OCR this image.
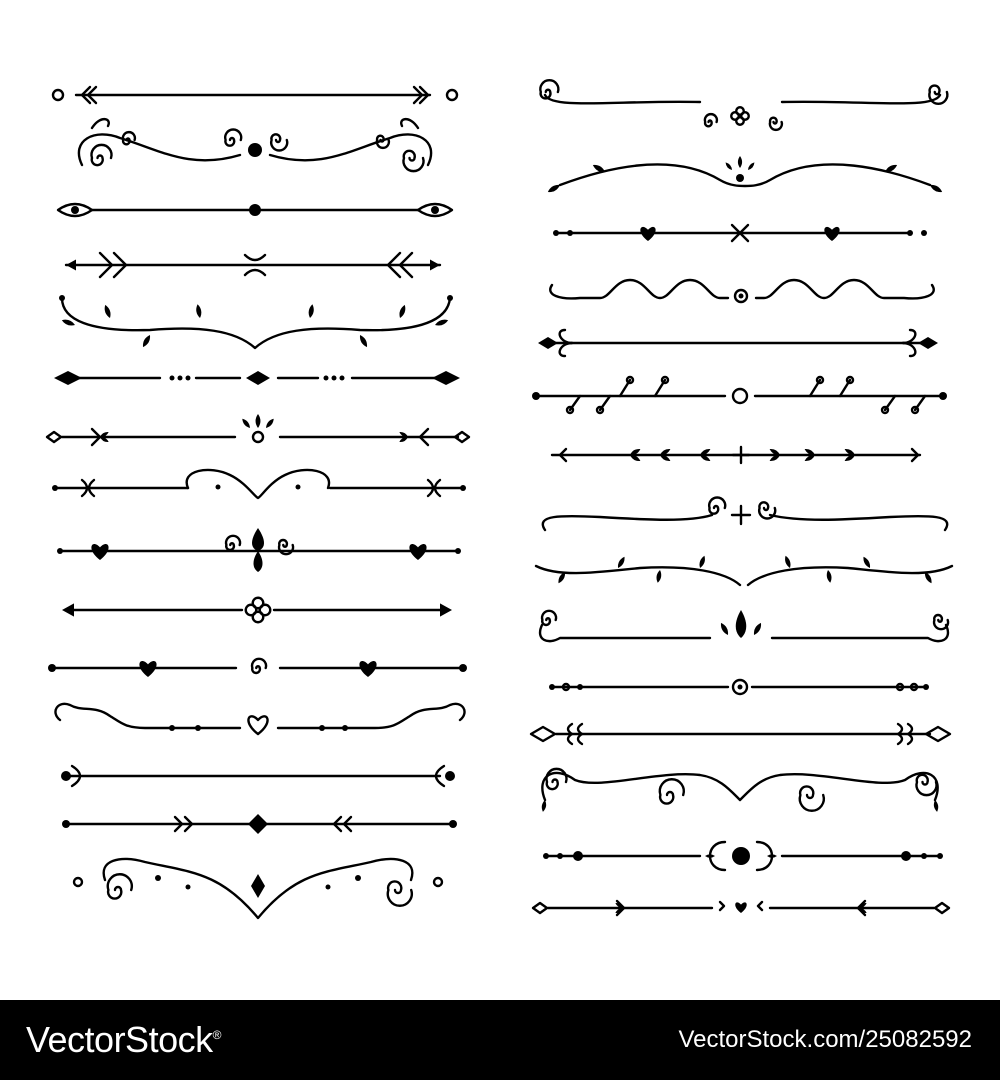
VectorStock®	VectorStock.com/25082592
